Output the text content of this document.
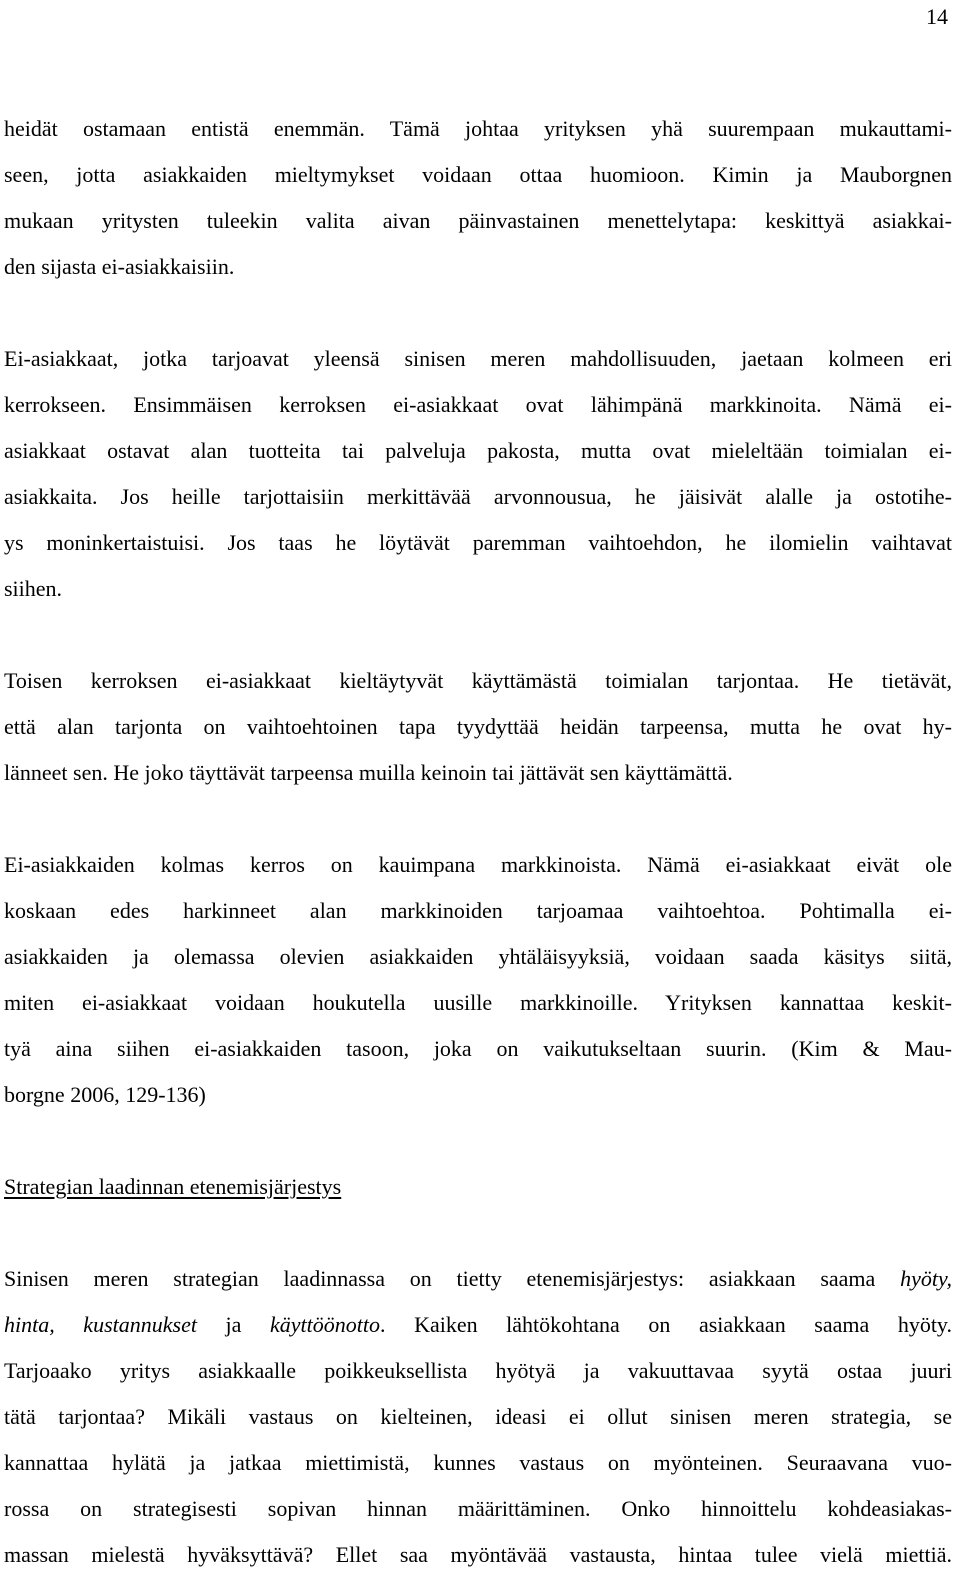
14
heidät ostamaan entistä enemmän. Tämä johtaa yrityksen yhä suurempaan mukauttami-
seen, jotta asiakkaiden mieltymykset voidaan ottaa huomioon. Kimin ja Mauborgnen
mukaan yritysten tuleekin valita aivan päinvastainen menettelytapa: keskittyä asiakkai-
den sijasta ei-asiakkaisiin.
Ei-asiakkaat, jotka tarjoavat yleensä sinisen meren mahdollisuuden, jaetaan kolmeen eri
kerrokseen. Ensimmäisen kerroksen ei-asiakkaat ovat lähimpänä markkinoita. Nämä ei-
asiakkaat ostavat alan tuotteita tai palveluja pakosta, mutta ovat mieleltään toimialan ei-
asiakkaita. Jos heille tarjottaisiin merkittävää arvonnousua, he jäisivät alalle ja ostotihe-
ys moninkertaistuisi. Jos taas he löytävät paremman vaihtoehdon, he ilomielin vaihtavat
siihen.
Toisen kerroksen ei-asiakkaat kieltäytyvät käyttämästä toimialan tarjontaa. He tietävät,
että alan tarjonta on vaihtoehtoinen tapa tyydyttää heidän tarpeensa, mutta he ovat hy-
länneet sen. He joko täyttävät tarpeensa muilla keinoin tai jättävät sen käyttämättä.
Ei-asiakkaiden kolmas kerros on kauimpana markkinoista. Nämä ei-asiakkaat eivät ole
koskaan edes harkinneet alan markkinoiden tarjoamaa vaihtoehtoa. Pohtimalla ei-
asiakkaiden ja olemassa olevien asiakkaiden yhtäläisyyksiä, voidaan saada käsitys siitä,
miten ei-asiakkaat voidaan houkutella uusille markkinoille. Yrityksen kannattaa keskit-
tyä aina siihen ei-asiakkaiden tasoon, joka on vaikutukseltaan suurin. (Kim & Mau-
borgne 2006, 129-136)
Strategian laadinnan etenemisjärjestys
Sinisen meren strategian laadinnassa on tietty etenemisjärjestys: asiakkaan saama hyöty,
hinta, kustannukset ja käyttöönotto. Kaiken lähtökohtana on asiakkaan saama hyöty.
Tarjoaako yritys asiakkaalle poikkeuksellista hyötyä ja vakuuttavaa syytä ostaa juuri
tätä tarjontaa? Mikäli vastaus on kielteinen, ideasi ei ollut sinisen meren strategia, se
kannattaa hylätä ja jatkaa miettimistä, kunnes vastaus on myönteinen. Seuraavana vuo-
rossa on strategisesti sopivan hinnan määrittäminen. Onko hinnoittelu kohdeasiakas-
massan mielestä hyväksyttävä? Ellet saa myöntävää vastausta, hintaa tulee vielä miettiä.
